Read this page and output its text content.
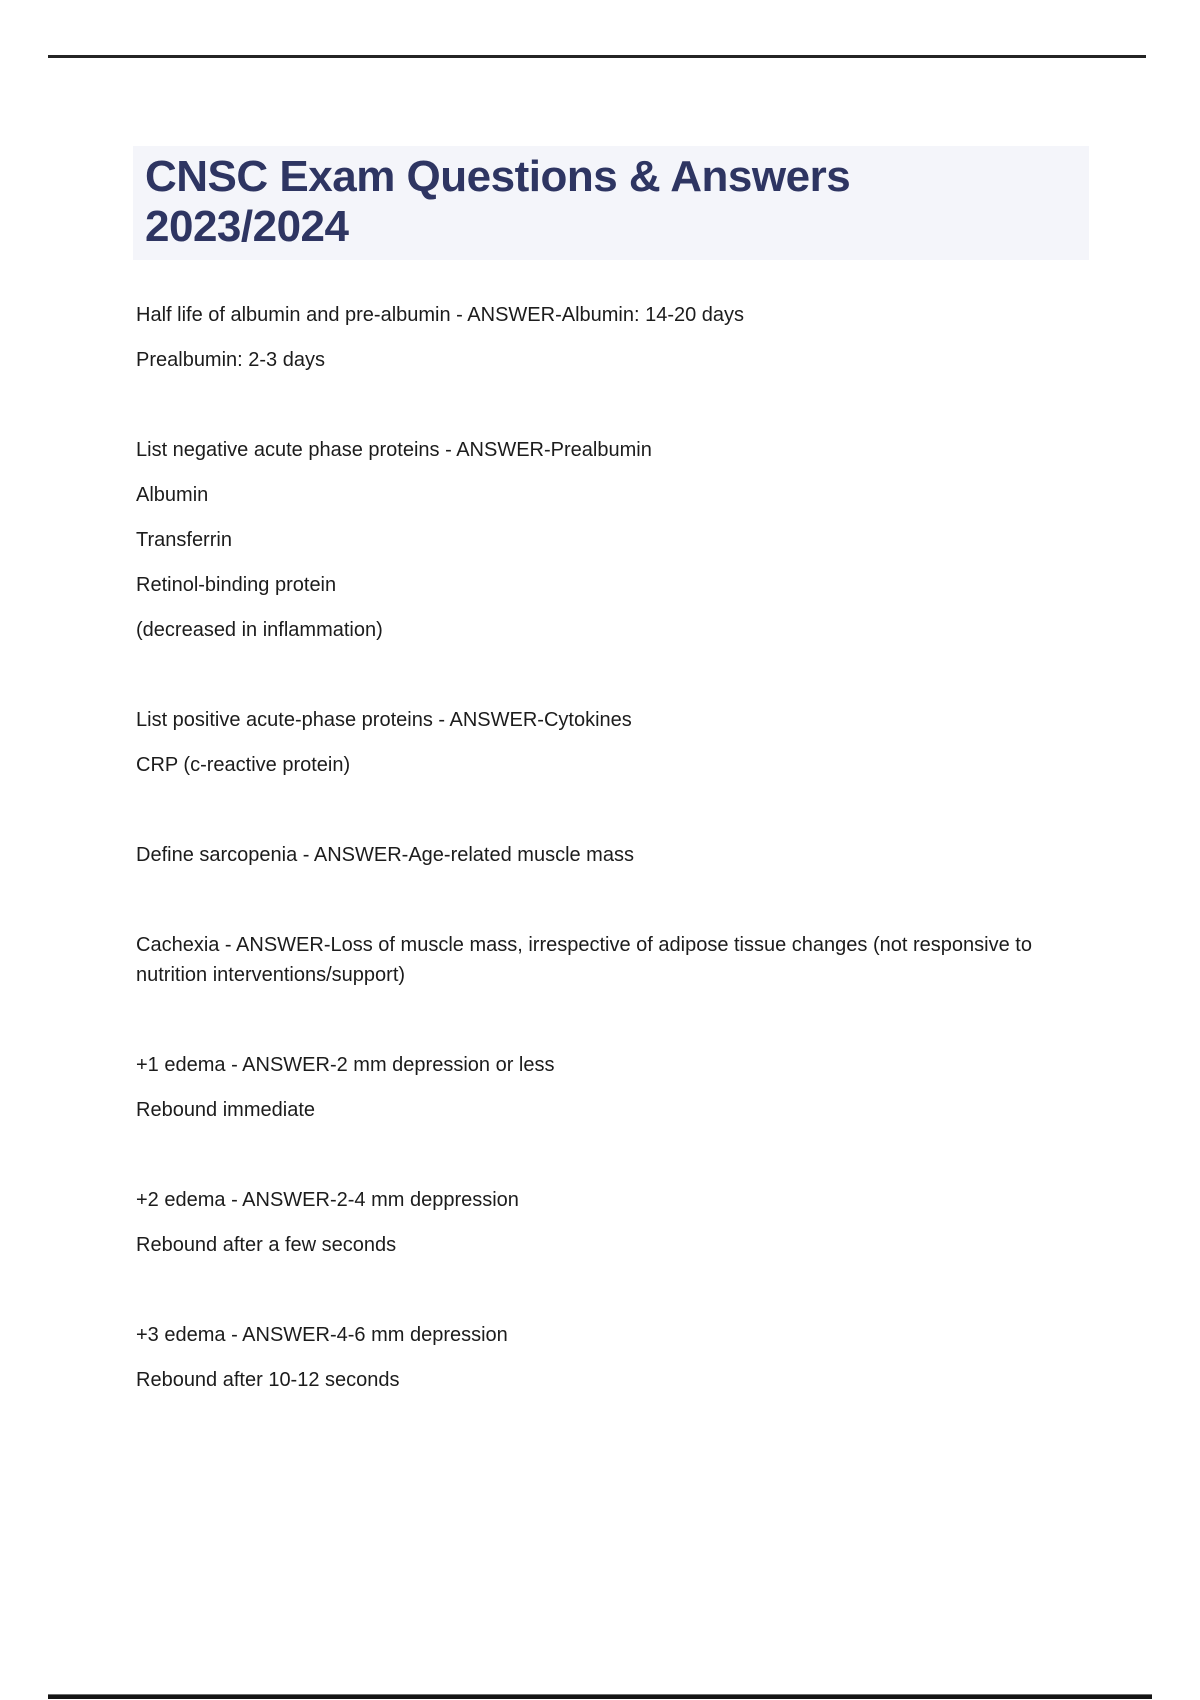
CNSC Exam Questions & Answers
2023/2024

Half life of albumin and pre-albumin - ANSWER-Albumin: 14-20 days

Prealbumin: 2-3 days

List negative acute phase proteins - ANSWER-Prealbumin

Albumin

Transferrin

Retinol-binding protein

(decreased in inflammation)

List positive acute-phase proteins - ANSWER-Cytokines

CRP (c-reactive protein)

Define sarcopenia - ANSWER-Age-related muscle mass

Cachexia - ANSWER-Loss of muscle mass, irrespective of adipose tissue changes (not responsive to nutrition interventions/support)

+1 edema - ANSWER-2 mm depression or less

Rebound immediate

+2 edema - ANSWER-2-4 mm deppression

Rebound after a few seconds

+3 edema - ANSWER-4-6 mm depression

Rebound after 10-12 seconds
